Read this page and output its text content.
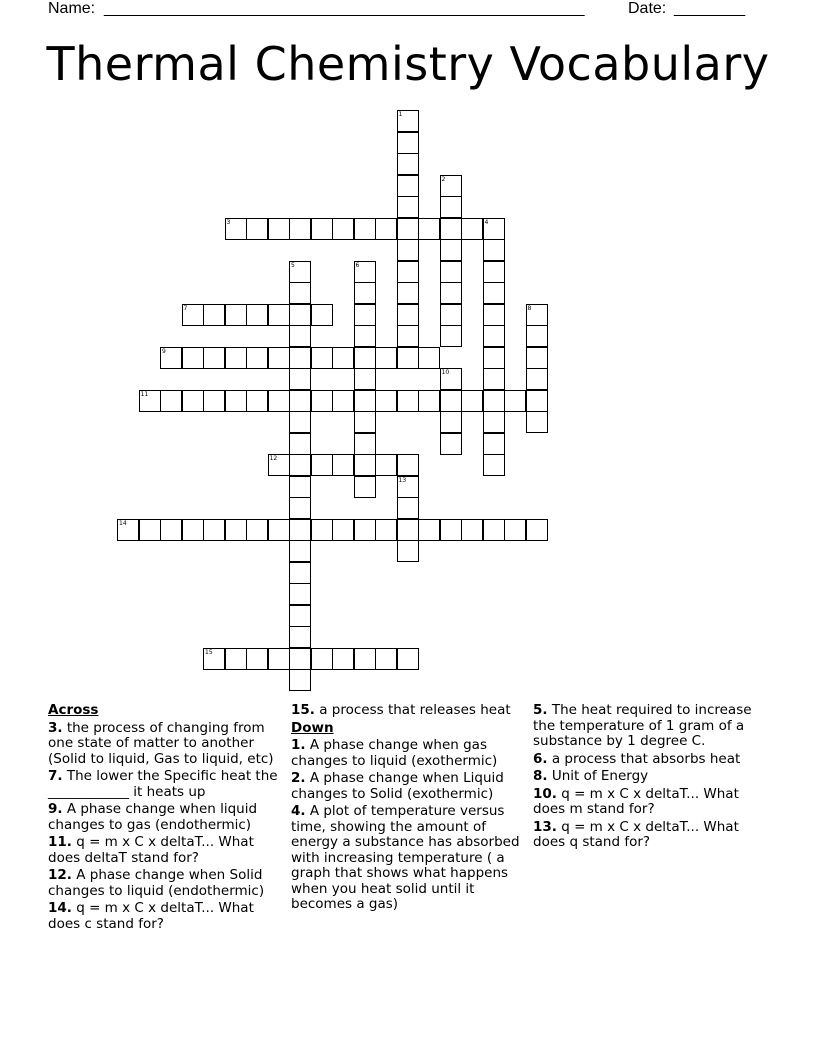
Name: ______________________________________________________	Date: ________
Thermal Chemistry Vocabulary
1
2
3	4
5	6
7	8
9
10
11
12
13
14
15
Across
3. the process of changing from one state of matter to another (Solid to liquid, Gas to liquid, etc)
7. The lower the Specific heat the ____________ it heats up
9. A phase change when liquid changes to gas (endothermic)
11. q = m x C x deltaT... What does deltaT stand for?
12. A phase change when Solid changes to liquid (endothermic)
14. q = m x C x deltaT... What does c stand for?
15. a process that releases heat
Down
1. A phase change when gas changes to liquid (exothermic)
2. A phase change when Liquid changes to Solid (exothermic)
4. A plot of temperature versus time, showing the amount of energy a substance has absorbed with increasing temperature ( a graph that shows what happens when you heat solid until it becomes a gas)
5. The heat required to increase the temperature of 1 gram of a substance by 1 degree C.
6. a process that absorbs heat
8. Unit of Energy
10. q = m x C x deltaT... What does m stand for?
13. q = m x C x deltaT... What does q stand for?
